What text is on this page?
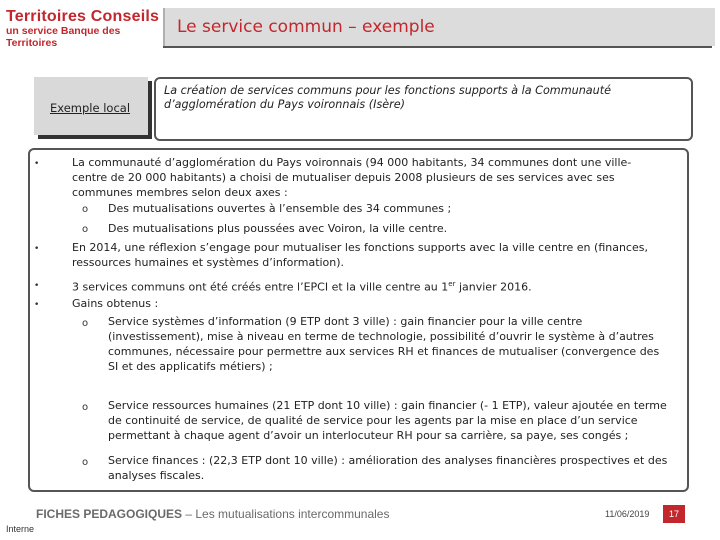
Territoires Conseils
un service Banque des Territoires
Le service commun – exemple
Exemple local
La création de services communs pour les fonctions supports à la Communauté
d’agglomération du Pays voironnais (Isère)
•	La communauté d’agglomération du Pays voironnais (94 000 habitants, 34 communes dont une ville-
centre de 20 000 habitants) a choisi de mutualiser depuis 2008 plusieurs de ses services avec ses
communes membres selon deux axes :
o Des mutualisations ouvertes à l’ensemble des 34 communes ;
o Des mutualisations plus poussées avec Voiron, la ville centre.
•	En 2014, une réflexion s’engage pour mutualiser les fonctions supports avec la ville centre en (finances,
ressources humaines et systèmes d’information).
•	3 services communs ont été créés entre l’EPCI et la ville centre au 1er janvier 2016.
•	Gains obtenus :
o Service systèmes d’information (9 ETP dont 3 ville) : gain financier pour la ville centre
(investissement), mise à niveau en terme de technologie, possibilité d’ouvrir le système à d’autres
communes, nécessaire pour permettre aux services RH et finances de mutualiser (convergence des
SI et des applicatifs métiers) ;
o Service ressources humaines (21 ETP dont 10 ville) : gain financier (- 1 ETP), valeur ajoutée en terme
de continuité de service, de qualité de service pour les agents par la mise en place d’un service
permettant à chaque agent d’avoir un interlocuteur RH pour sa carrière, sa paye, ses congés ;
o Service finances : (22,3 ETP dont 10 ville) : amélioration des analyses financières prospectives et des
analyses fiscales.
FICHES PEDAGOGIQUES – Les mutualisations intercommunales	11/06/2019	17
Interne
